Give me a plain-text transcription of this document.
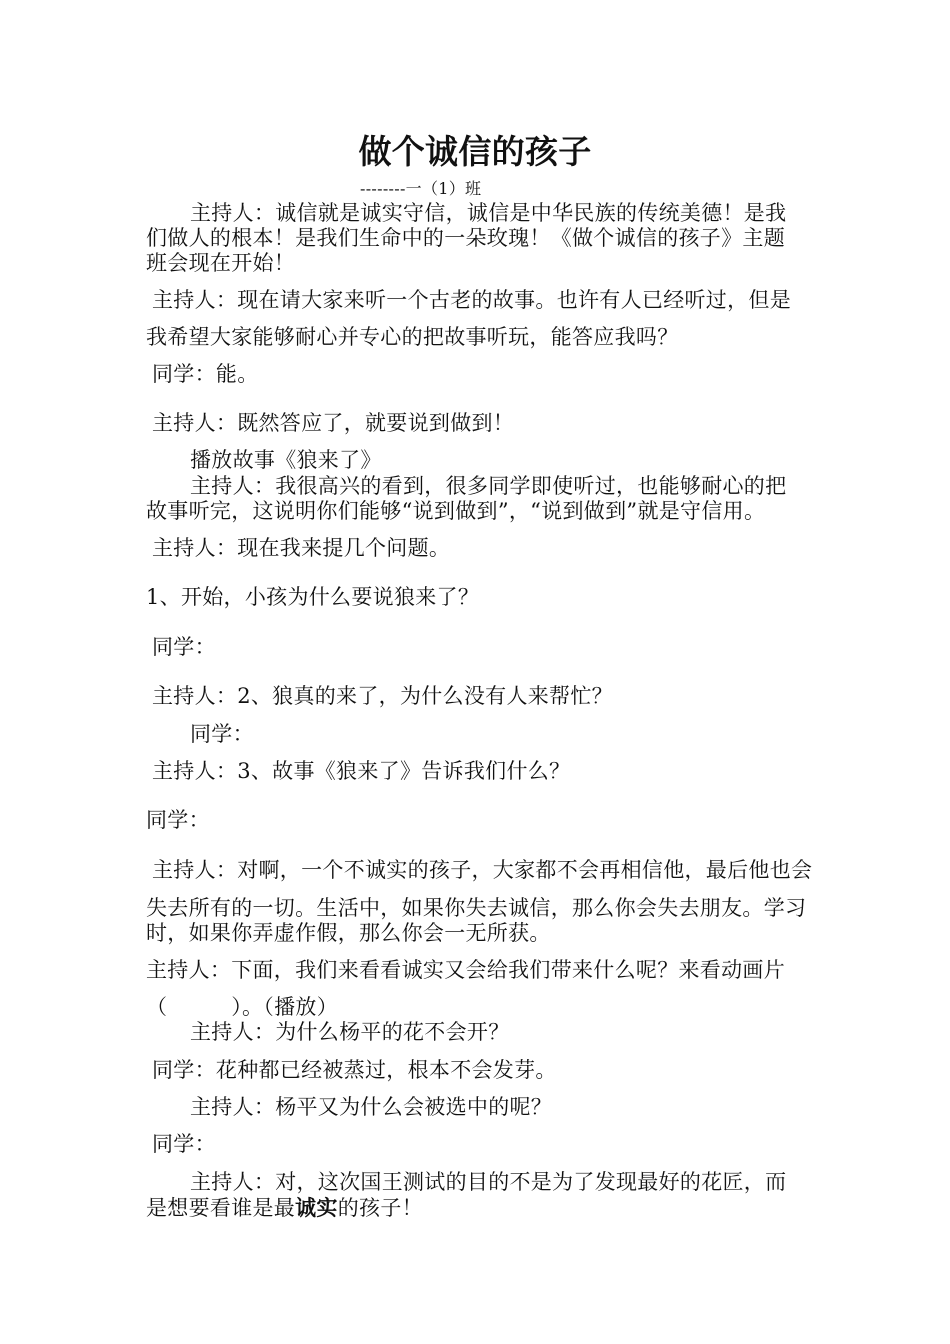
做个诚信的孩子
--------一（1）班

主持人：诚信就是诚实守信，诚信是中华民族的传统美德！是我

们做人的根本！是我们生命中的一朵玫瑰！《做个诚信的孩子》主题

班会现在开始！

主持人：现在请大家来听一个古老的故事。也许有人已经听过，但是

我希望大家能够耐心并专心的把故事听玩，能答应我吗？

同学：能。

主持人：既然答应了，就要说到做到！

播放故事《狼来了》

主持人：我很高兴的看到，很多同学即使听过，也能够耐心的把

故事听完，这说明你们能够“说到做到”，“说到做到”就是守信用。

主持人：现在我来提几个问题。

1、开始，小孩为什么要说狼来了？

同学：

主持人：2、狼真的来了，为什么没有人来帮忙？

同学：

主持人：3、故事《狼来了》告诉我们什么？

同学：

主持人：对啊，一个不诚实的孩子，大家都不会再相信他，最后他也会

失去所有的一切。生活中，如果你失去诚信，那么你会失去朋友。学习

时，如果你弄虚作假，那么你会一无所获。

主持人：下面，我们来看看诚实又会给我们带来什么呢？来看动画片

（　　　）。（播放）

主持人：为什么杨平的花不会开？

同学：花种都已经被蒸过，根本不会发芽。

主持人：杨平又为什么会被选中的呢？

同学：

主持人：对，这次国王测试的目的不是为了发现最好的花匠，而

是想要看谁是最诚实的孩子！
